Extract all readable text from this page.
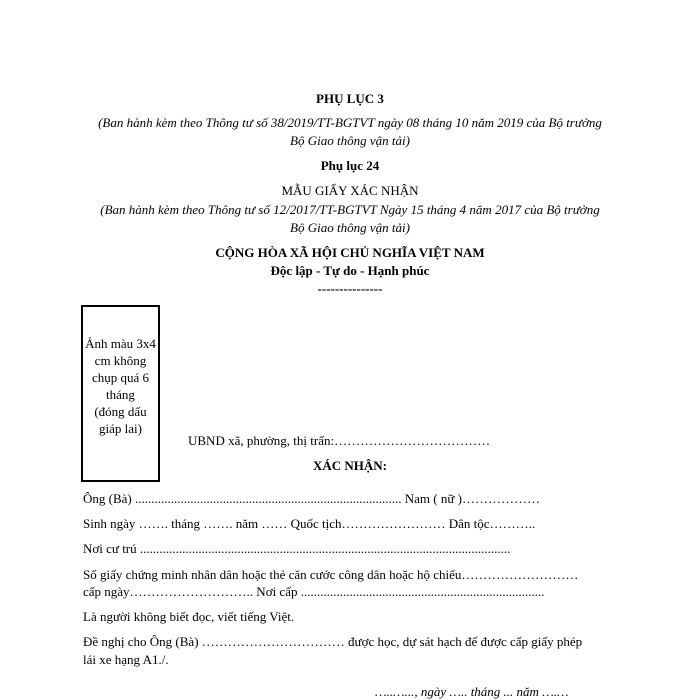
PHỤ LỤC 3
(Ban hành kèm theo Thông tư số 38/2019/TT-BGTVT ngày 08 tháng 10 năm 2019 của Bộ trưởng
Bộ Giao thông vận tải)
Phụ lục 24
MẪU GIẤY XÁC NHẬN
(Ban hành kèm theo Thông tư số 12/2017/TT-BGTVT Ngày 15 tháng 4 năm 2017 của Bộ trưởng
Bộ Giao thông vận tải)
CỘNG HÒA XÃ HỘI CHỦ NGHĨA VIỆT NAM
Độc lập - Tự do - Hạnh phúc
---------------
Ảnh màu 3x4
cm không
chụp quá 6
tháng
(đóng dấu
giáp lai)
UBND xã, phường, thị trấn:………………………………
XÁC NHẬN:
Ông (Bà) .................................................................................. Nam ( nữ )………………
Sinh ngày ……. tháng ……. năm …… Quốc tịch…………………… Dân tộc………..
Nơi cư trú ..................................................................................................................
Số giấy chứng minh nhân dân hoặc thẻ căn cước công dân hoặc hộ chiếu………………………
cấp ngày……………………….. Nơi cấp ...........................................................................
Là người không biết đọc, viết tiếng Việt.
Đề nghị cho Ông (Bà) …………………………… được học, dự sát hạch để được cấp giấy phép
lái xe hạng A1./.
…..…..., ngày ….. tháng ... năm ….…
